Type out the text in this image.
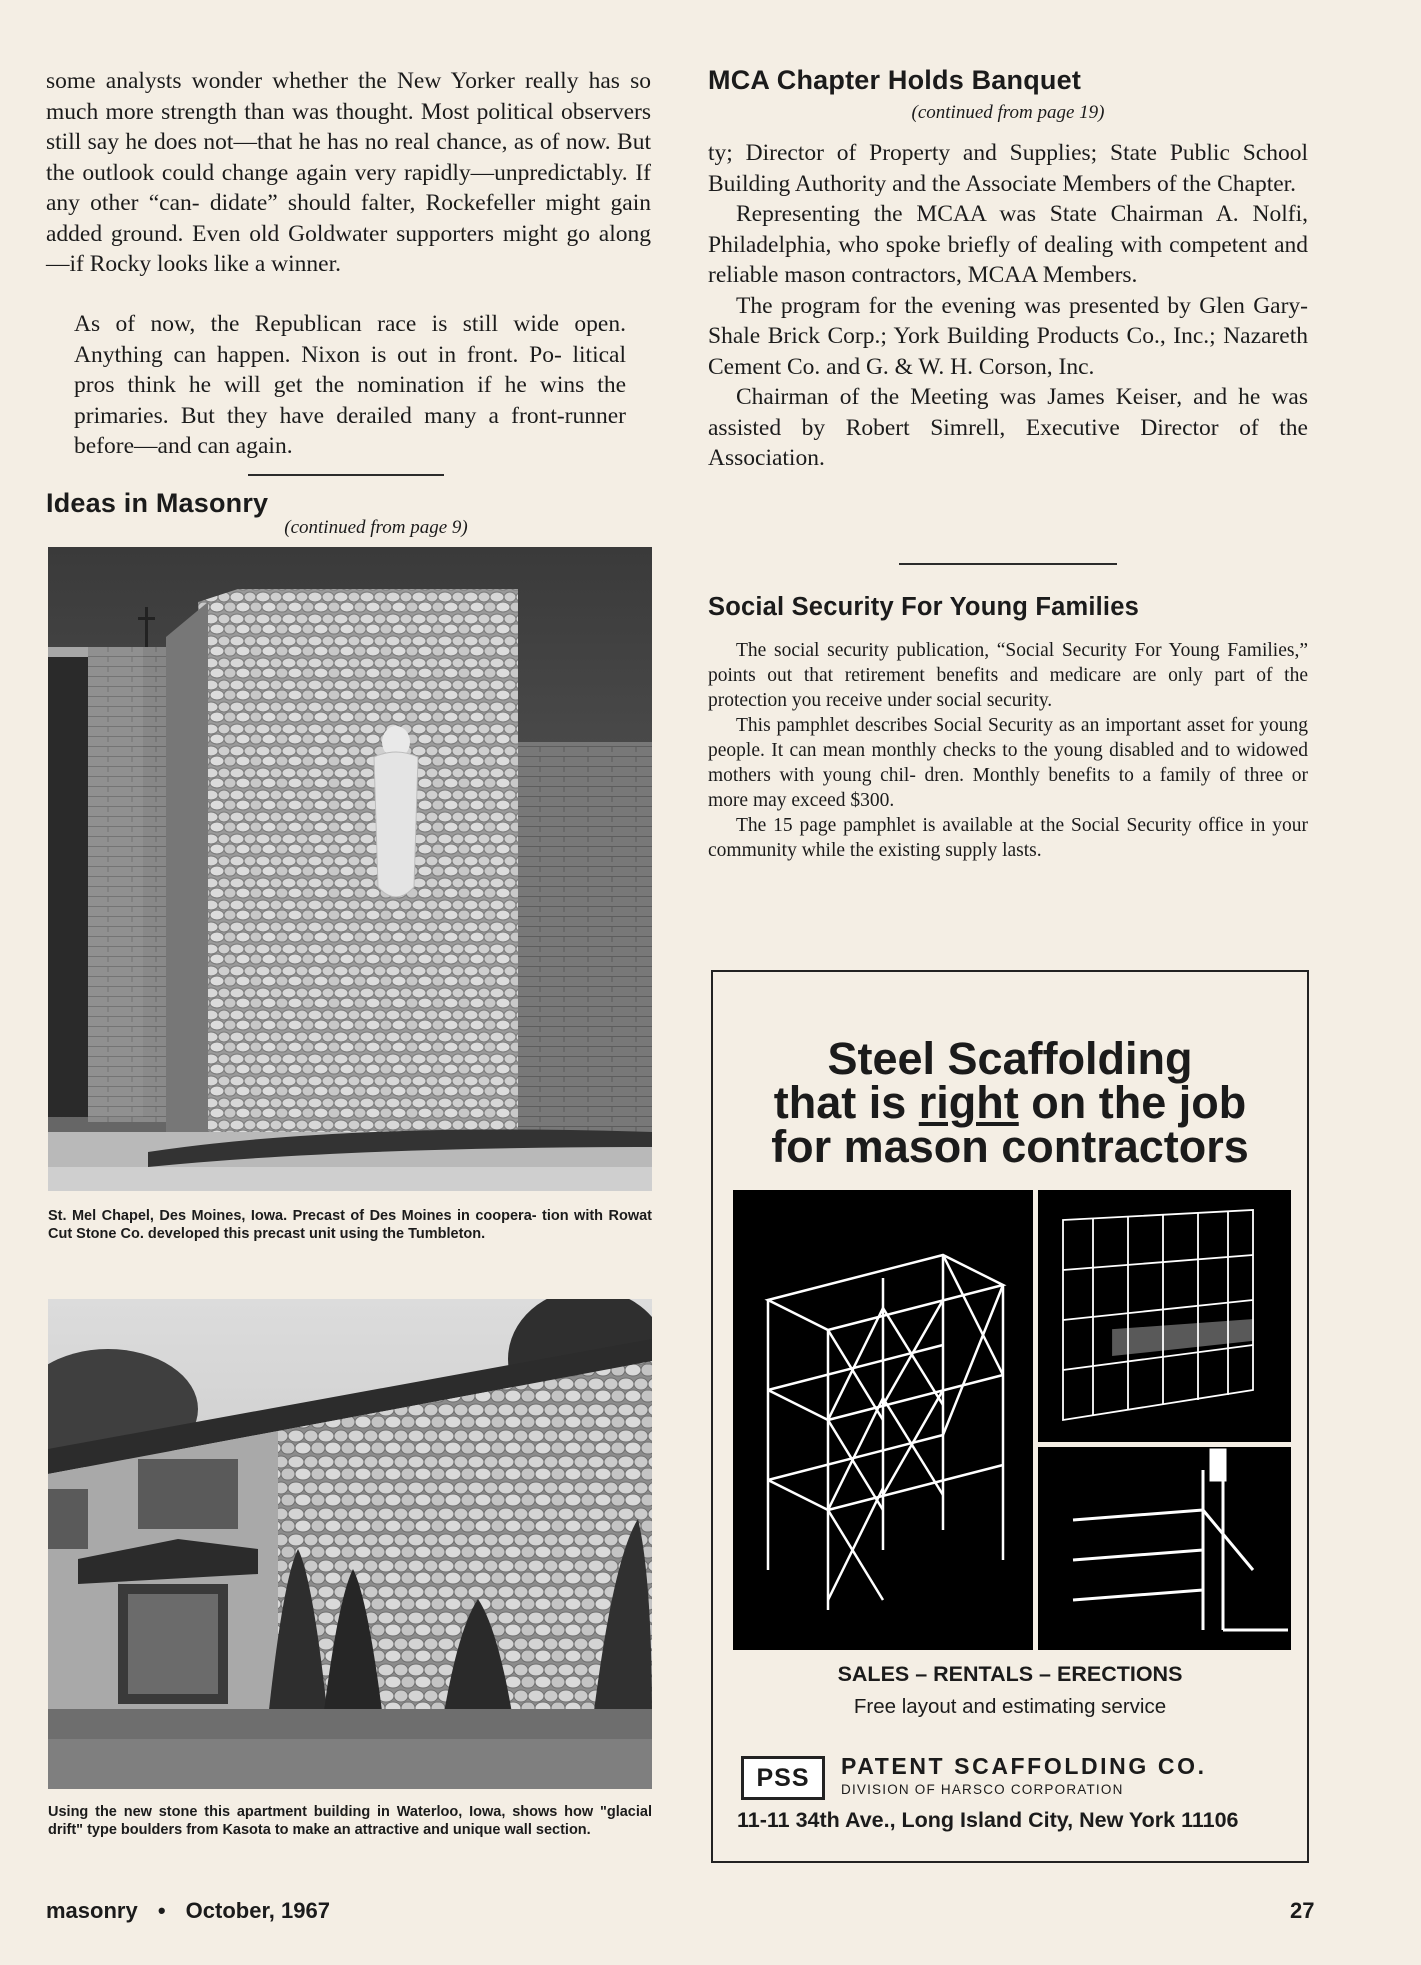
some analysts wonder whether the New Yorker really has so much more strength than was thought. Most political observers still say he does not—that he has no real chance, as of now. But the outlook could change again very rapidly—unpredictably. If any other “can- didate” should falter, Rockefeller might gain added ground. Even old Goldwater supporters might go along —if Rocky looks like a winner.

As of now, the Republican race is still wide open. Anything can happen. Nixon is out in front. Po- litical pros think he will get the nomination if he wins the primaries. But they have derailed many a front-runner before—and can again.

Ideas in Masonry

(continued from page 9)

St. Mel Chapel, Des Moines, Iowa. Precast of Des Moines in coopera- tion with Rowat Cut Stone Co. developed this precast unit using the Tumbleton.

Using the new stone this apartment building in Waterloo, Iowa, shows how "glacial drift" type boulders from Kasota to make an attractive and unique wall section.

MCA Chapter Holds Banquet

(continued from page 19)

ty; Director of Property and Supplies; State Public School Building Authority and the Associate Members of the Chapter.

Representing the MCAA was State Chairman A. Nolfi, Philadelphia, who spoke briefly of dealing with competent and reliable mason contractors, MCAA Members.

The program for the evening was presented by Glen Gary-Shale Brick Corp.; York Building Products Co., Inc.; Nazareth Cement Co. and G. & W. H. Corson, Inc.

Chairman of the Meeting was James Keiser, and he was assisted by Robert Simrell, Executive Director of the Association.

Social Security For Young Families

The social security publication, “Social Security For Young Families,” points out that retirement benefits and medicare are only part of the protection you receive under social security.

This pamphlet describes Social Security as an important asset for young people. It can mean monthly checks to the young disabled and to widowed mothers with young chil- dren. Monthly benefits to a family of three or more may exceed $300.

The 15 page pamphlet is available at the Social Security office in your community while the existing supply lasts.

Steel Scaffolding
that is right on the job
for mason contractors

SALES – RENTALS – ERECTIONS

Free layout and estimating service

PSS	PATENT SCAFFOLDING CO.

DIVISION OF HARSCO CORPORATION

11-11 34th Ave., Long Island City, New York 11106

masonry • October, 1967	27
